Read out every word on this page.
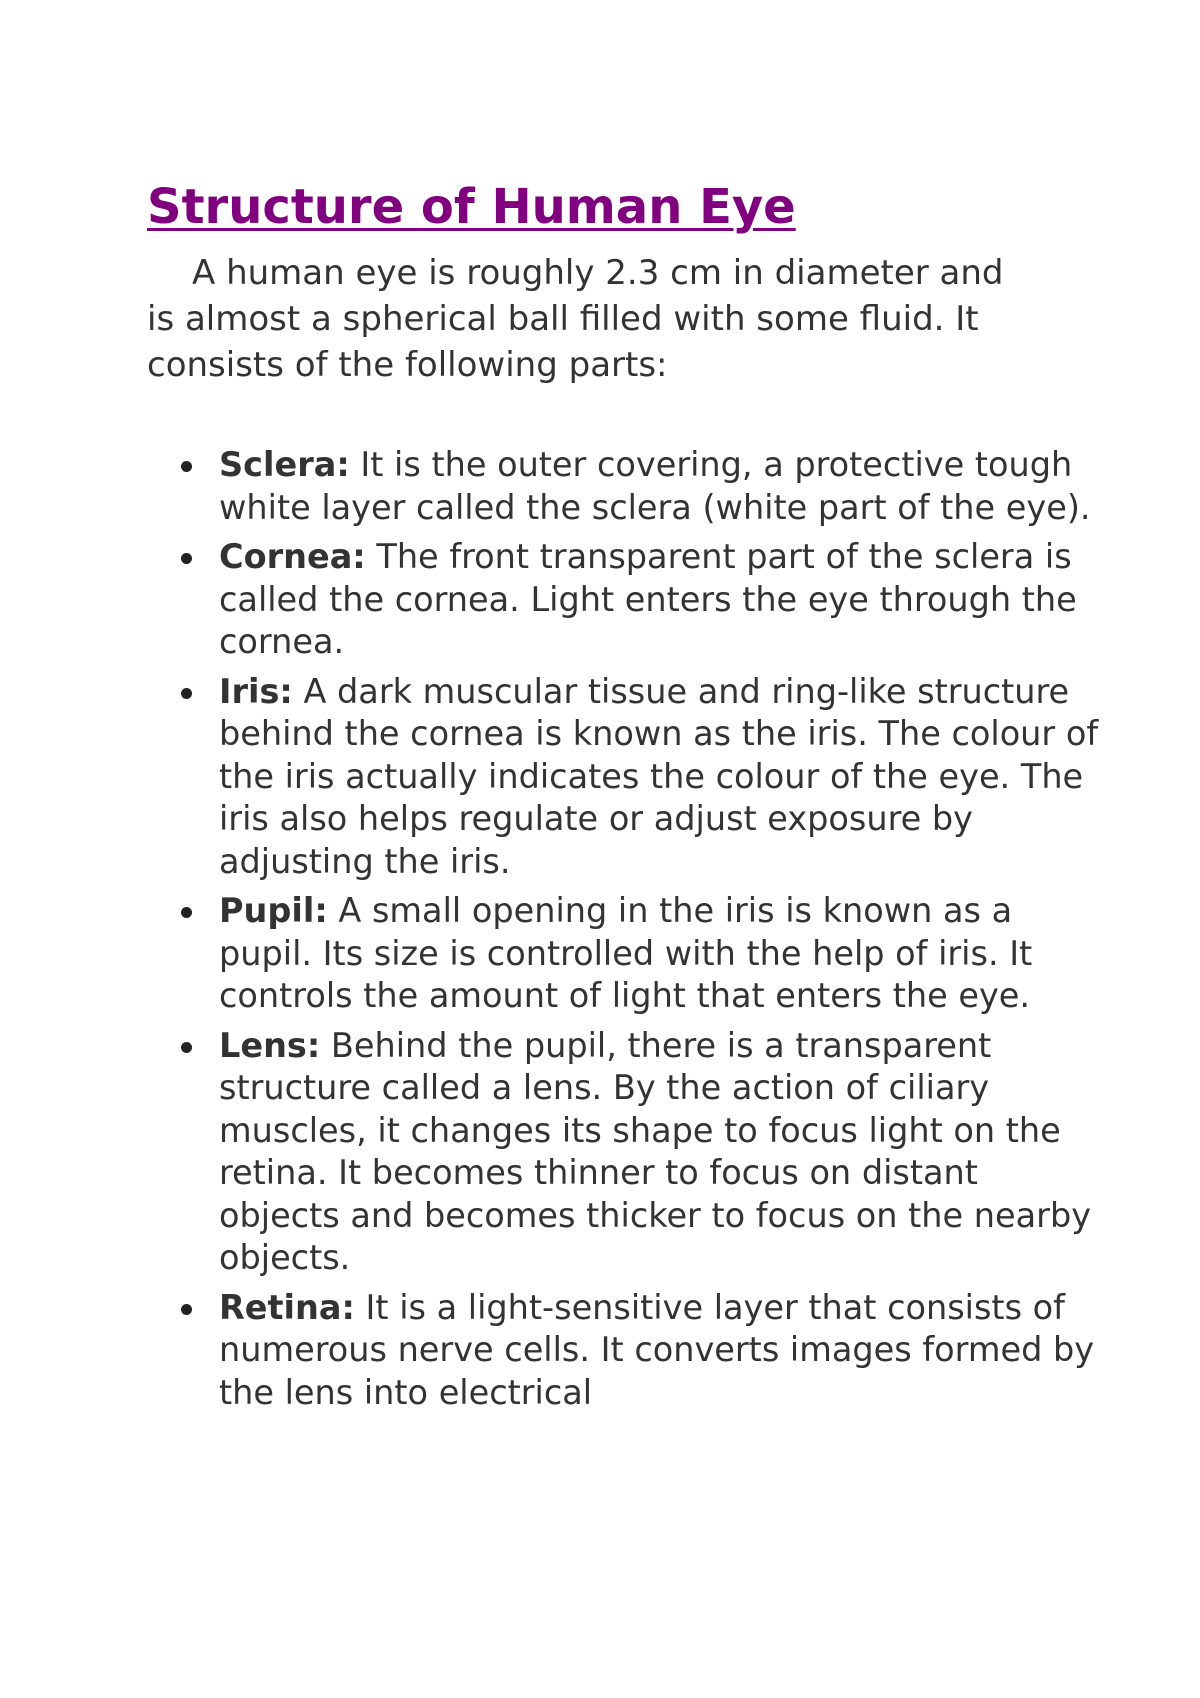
Structure of Human Eye

A human eye is roughly 2.3 cm in diameter and is almost a spherical ball filled with some fluid. It consists of the following parts:

Sclera: It is the outer covering, a protective tough white layer called the sclera (white part of the eye).
Cornea: The front transparent part of the sclera is called the cornea. Light enters the eye through the cornea.
Iris: A dark muscular tissue and ring-like structure behind the cornea is known as the iris. The colour of the iris actually indicates the colour of the eye. The iris also helps regulate or adjust exposure by adjusting the iris.
Pupil: A small opening in the iris is known as a pupil. Its size is controlled with the help of iris. It controls the amount of light that enters the eye.
Lens: Behind the pupil, there is a transparent structure called a lens. By the action of ciliary muscles, it changes its shape to focus light on the retina. It becomes thinner to focus on distant objects and becomes thicker to focus on the nearby objects.
Retina: It is a light-sensitive layer that consists of numerous nerve cells. It converts images formed by the lens into electrical
